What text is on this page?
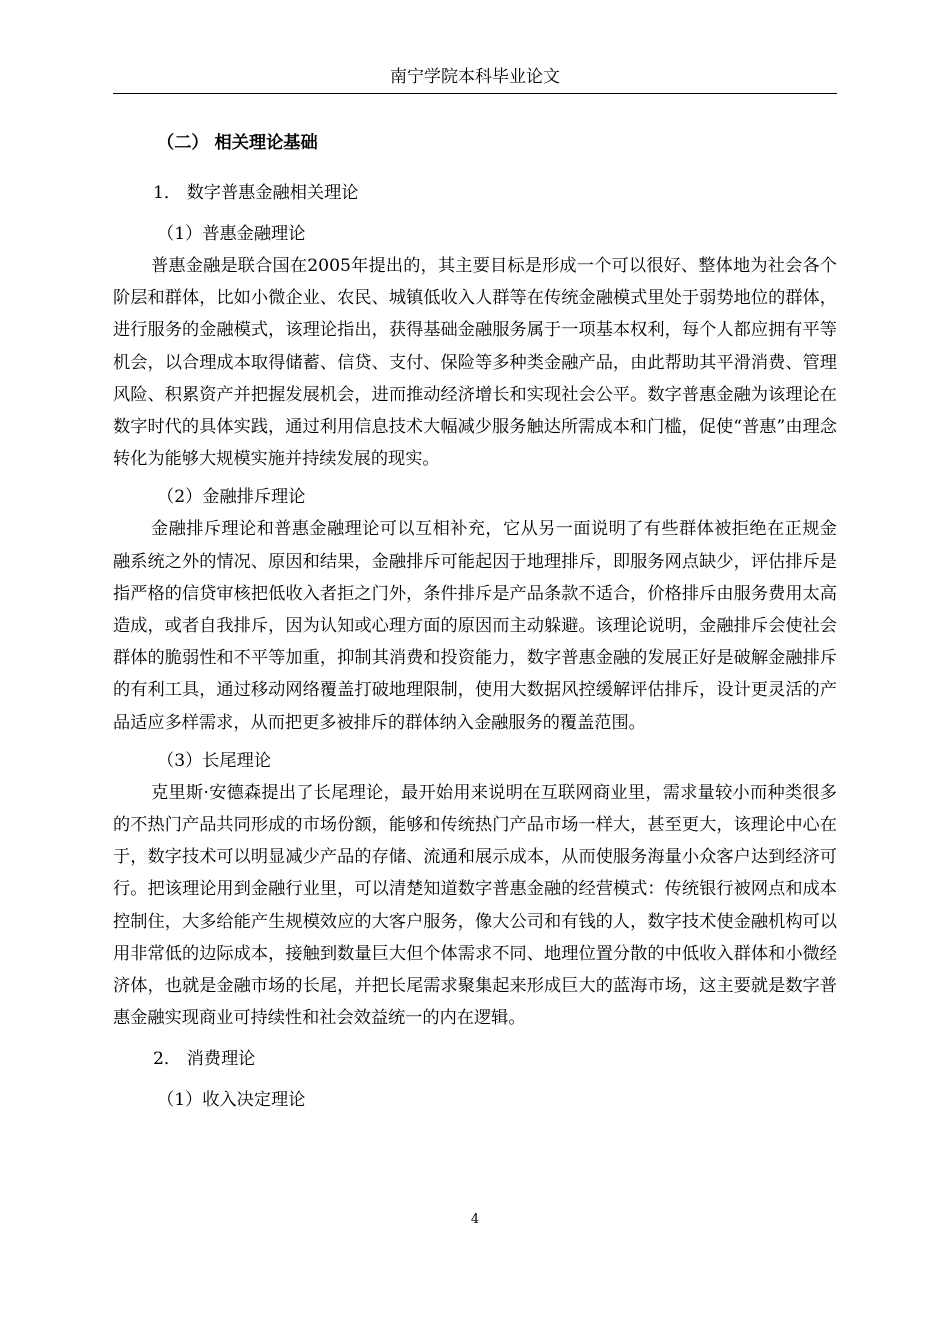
南宁学院本科毕业论文
（二） 相关理论基础
1． 数字普惠金融相关理论
（1）普惠金融理论

普惠金融是联合国在2005年提出的，其主要目标是形成一个可以很好、整体地为社会各个阶层和群体，比如小微企业、农民、城镇低收入人群等在传统金融模式里处于弱势地位的群体，进行服务的金融模式，该理论指出，获得基础金融服务属于一项基本权利，每个人都应拥有平等机会，以合理成本取得储蓄、信贷、支付、保险等多种类金融产品，由此帮助其平滑消费、管理风险、积累资产并把握发展机会，进而推动经济增长和实现社会公平。数字普惠金融为该理论在数字时代的具体实践，通过利用信息技术大幅减少服务触达所需成本和门槛，促使“普惠”由理念转化为能够大规模实施并持续发展的现实。

（2）金融排斥理论

金融排斥理论和普惠金融理论可以互相补充，它从另一面说明了有些群体被拒绝在正规金融系统之外的情况、原因和结果，金融排斥可能起因于地理排斥，即服务网点缺少，评估排斥是指严格的信贷审核把低收入者拒之门外，条件排斥是产品条款不适合，价格排斥由服务费用太高造成，或者自我排斥，因为认知或心理方面的原因而主动躲避。该理论说明，金融排斥会使社会群体的脆弱性和不平等加重，抑制其消费和投资能力，数字普惠金融的发展正好是破解金融排斥的有利工具，通过移动网络覆盖打破地理限制，使用大数据风控缓解评估排斥，设计更灵活的产品适应多样需求，从而把更多被排斥的群体纳入金融服务的覆盖范围。

（3）长尾理论

克里斯·安德森提出了长尾理论，最开始用来说明在互联网商业里，需求量较小而种类很多的不热门产品共同形成的市场份额，能够和传统热门产品市场一样大，甚至更大，该理论中心在于，数字技术可以明显减少产品的存储、流通和展示成本，从而使服务海量小众客户达到经济可行。把该理论用到金融行业里，可以清楚知道数字普惠金融的经营模式：传统银行被网点和成本控制住，大多给能产生规模效应的大客户服务，像大公司和有钱的人，数字技术使金融机构可以用非常低的边际成本，接触到数量巨大但个体需求不同、地理位置分散的中低收入群体和小微经济体，也就是金融市场的长尾，并把长尾需求聚集起来形成巨大的蓝海市场，这主要就是数字普惠金融实现商业可持续性和社会效益统一的内在逻辑。

2． 消费理论
（1）收入决定理论
4
